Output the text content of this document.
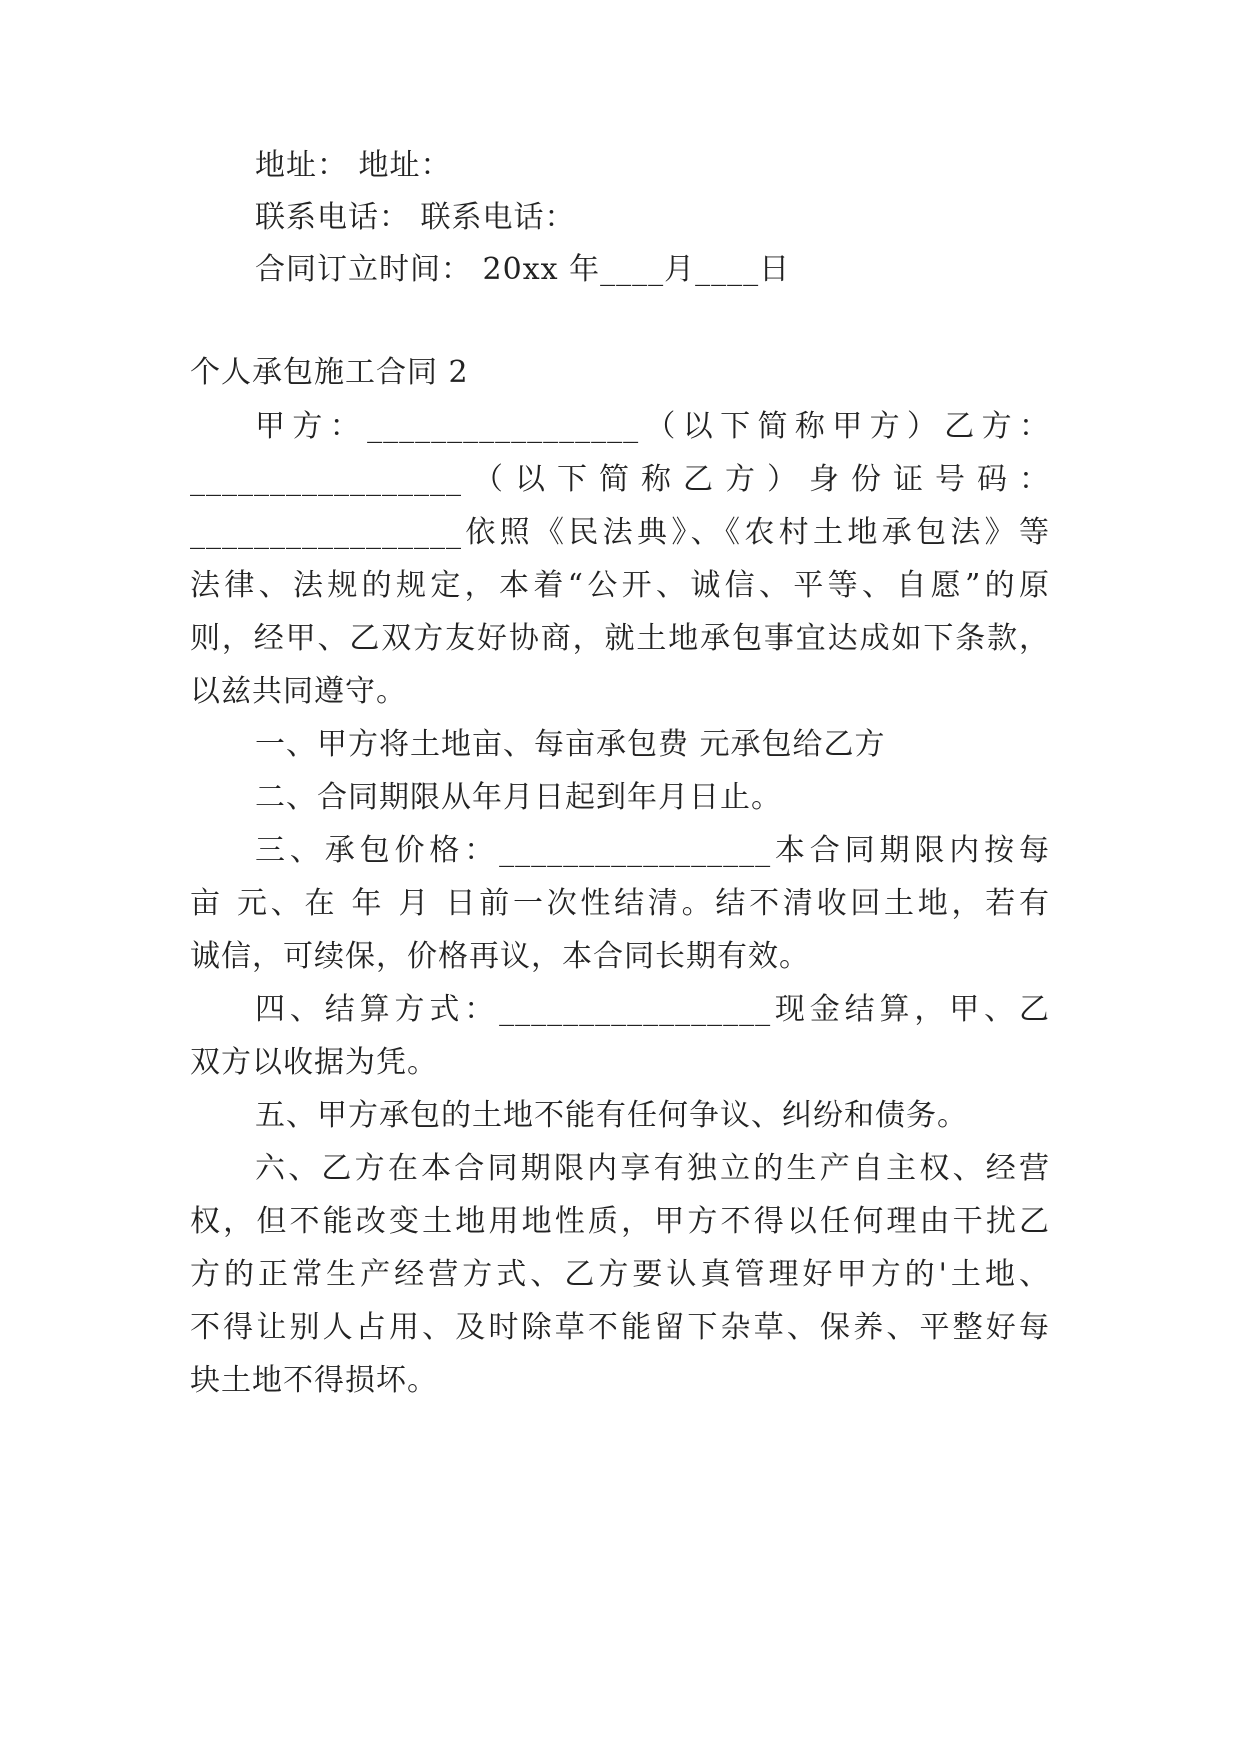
地址： 地址：
联系电话： 联系电话：
合同订立时间： 20xx 年____月____日
个人承包施工合同 2
甲方：_________________（以下简称甲方）乙方：
_________________（以下简称乙方）身份证号码：
_________________依照《民法典》、《农村土地承包法》等
法律、法规的规定，本着“公开、诚信、平等、自愿”的原
则，经甲、乙双方友好协商，就土地承包事宜达成如下条款，
以兹共同遵守。
一、甲方将土地亩、每亩承包费 元承包给乙方
二、合同期限从年月日起到年月日止。
三、承包价格：_________________本合同期限内按每
亩 元、在 年 月 日前一次性结清。结不清收回土地，若有
诚信，可续保，价格再议，本合同长期有效。
四、结算方式：_________________现金结算，甲、乙
双方以收据为凭。
五、甲方承包的土地不能有任何争议、纠纷和债务。
六、乙方在本合同期限内享有独立的生产自主权、经营
权，但不能改变土地用地性质，甲方不得以任何理由干扰乙
方的正常生产经营方式、乙方要认真管理好甲方的'土地、
不得让别人占用、及时除草不能留下杂草、保养、平整好每
块土地不得损坏。
